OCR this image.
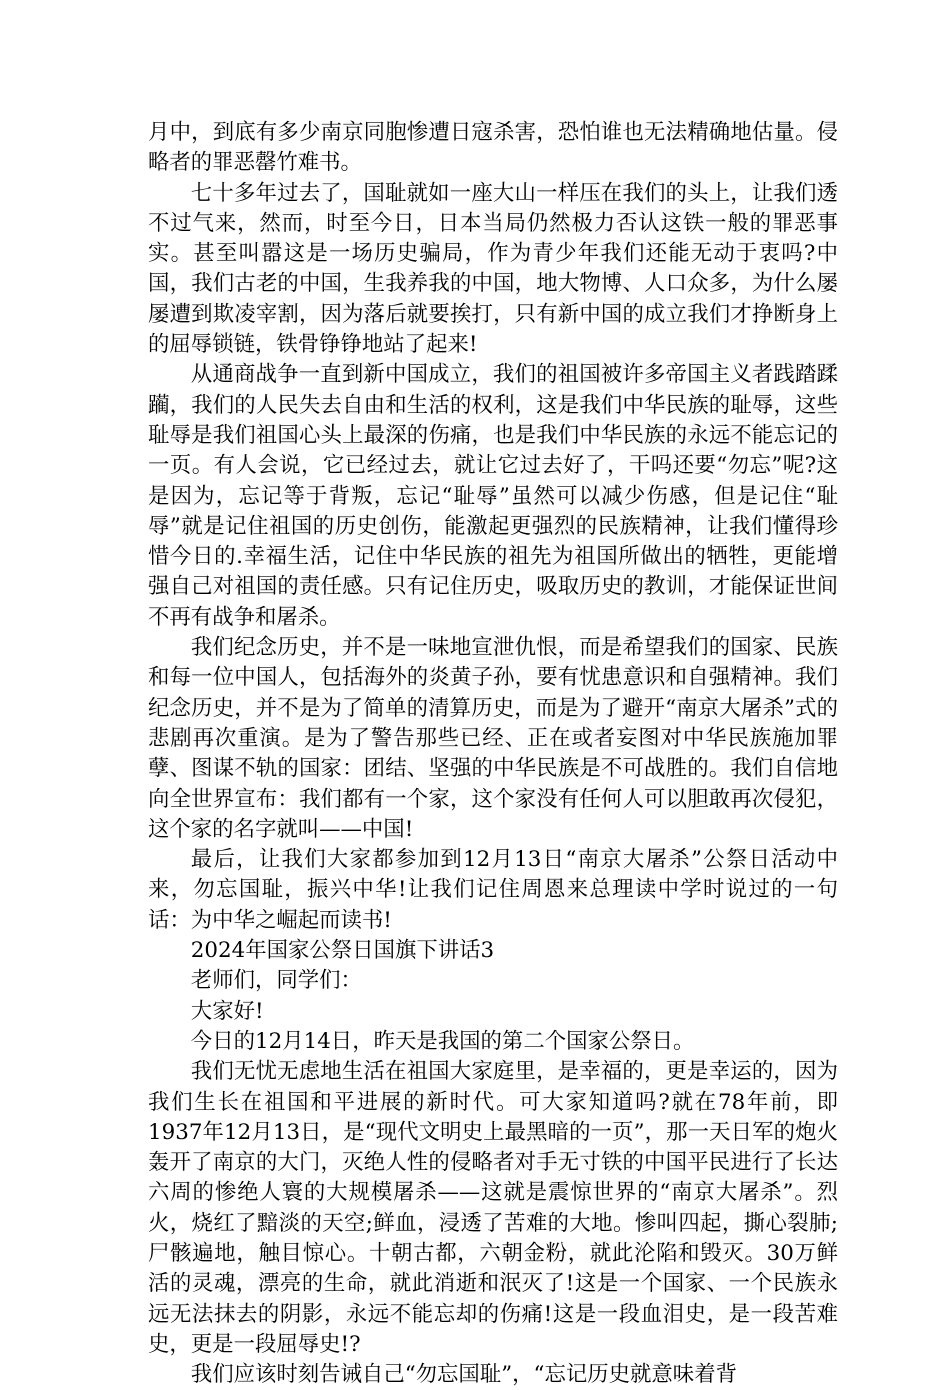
月中，到底有多少南京同胞惨遭日寇杀害，恐怕谁也无法精确地估量。侵略者的罪恶罄竹难书。

七十多年过去了，国耻就如一座大山一样压在我们的头上，让我们透不过气来，然而，时至今日，日本当局仍然极力否认这铁一般的罪恶事实。甚至叫嚣这是一场历史骗局，作为青少年我们还能无动于衷吗?中国，我们古老的中国，生我养我的中国，地大物博、人口众多，为什么屡屡遭到欺凌宰割，因为落后就要挨打，只有新中国的成立我们才挣断身上的屈辱锁链，铁骨铮铮地站了起来!

从通商战争一直到新中国成立，我们的祖国被许多帝国主义者践踏蹂躏，我们的人民失去自由和生活的权利，这是我们中华民族的耻辱，这些耻辱是我们祖国心头上最深的伤痛，也是我们中华民族的永远不能忘记的一页。有人会说，它已经过去，就让它过去好了，干吗还要“勿忘”呢?这是因为，忘记等于背叛，忘记“耻辱”虽然可以减少伤感，但是记住“耻辱”就是记住祖国的历史创伤，能激起更强烈的民族精神，让我们懂得珍惜今日的.幸福生活，记住中华民族的祖先为祖国所做出的牺牲，更能增强自己对祖国的责任感。只有记住历史，吸取历史的教训，才能保证世间不再有战争和屠杀。

我们纪念历史，并不是一味地宣泄仇恨，而是希望我们的国家、民族和每一位中国人，包括海外的炎黄子孙，要有忧患意识和自强精神。我们纪念历史，并不是为了简单的清算历史，而是为了避开“南京大屠杀”式的悲剧再次重演。是为了警告那些已经、正在或者妄图对中华民族施加罪孽、图谋不轨的国家：团结、坚强的中华民族是不可战胜的。我们自信地向全世界宣布：我们都有一个家，这个家没有任何人可以胆敢再次侵犯，这个家的名字就叫——中国!

最后，让我们大家都参加到12月13日“南京大屠杀”公祭日活动中来，勿忘国耻，振兴中华!让我们记住周恩来总理读中学时说过的一句话：为中华之崛起而读书!

2024年国家公祭日国旗下讲话3

老师们，同学们：

大家好!

今日的12月14日，昨天是我国的第二个国家公祭日。

我们无忧无虑地生活在祖国大家庭里，是幸福的，更是幸运的，因为我们生长在祖国和平进展的新时代。可大家知道吗?就在78年前，即1937年12月13日，是“现代文明史上最黑暗的一页”，那一天日军的炮火轰开了南京的大门，灭绝人性的侵略者对手无寸铁的中国平民进行了长达六周的惨绝人寰的大规模屠杀——这就是震惊世界的“南京大屠杀”。烈火，烧红了黯淡的天空;鲜血，浸透了苦难的大地。惨叫四起，撕心裂肺;尸骸遍地，触目惊心。十朝古都，六朝金粉，就此沦陷和毁灭。30万鲜活的灵魂，漂亮的生命，就此消逝和泯灭了!这是一个国家、一个民族永远无法抹去的阴影，永远不能忘却的伤痛!这是一段血泪史，是一段苦难史，更是一段屈辱史!?

我们应该时刻告诫自己“勿忘国耻”，“忘记历史就意味着背
